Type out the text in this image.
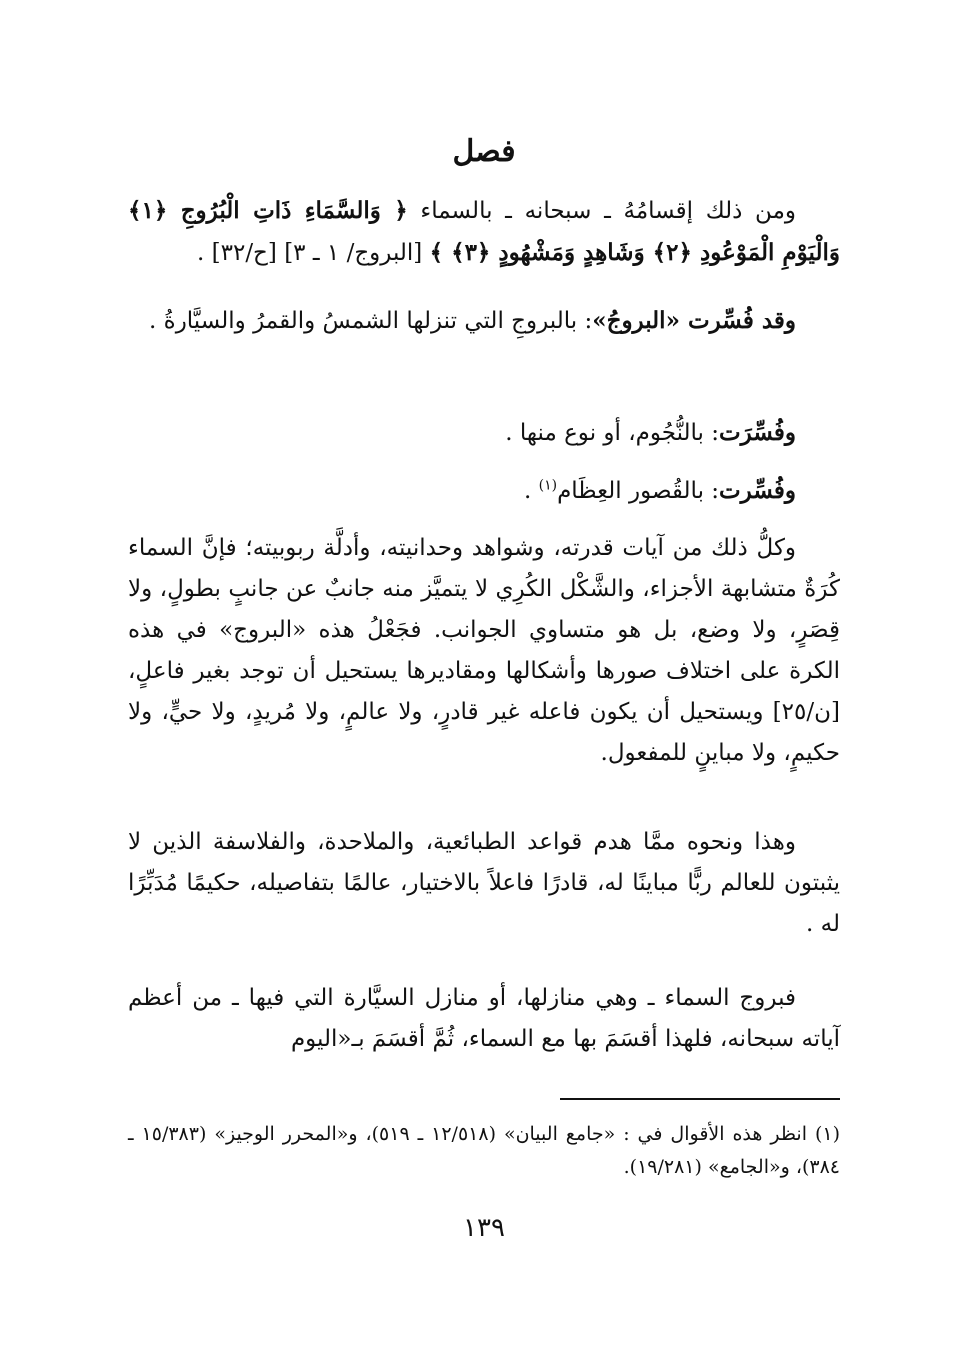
فصل
ومن ذلك إقسامُهُ ـ سبحانه ـ بالسماء ﴿ وَالسَّمَاءِ ذَاتِ الْبُرُوجِ ﴿١﴾ وَالْيَوْمِ الْمَوْعُودِ ﴿٢﴾ وَشَاهِدٍ وَمَشْهُودٍ ﴿٣﴾ ﴾ [البروج/ ١ ـ ٣] [ح/٣٢] .
وقد فُسِّرت «البروجُ»: بالبروجِ التي تنزلها الشمسُ والقمرُ والسيَّارةُ .
وفُسِّرَت: بالنُّجُوم، أو نوع منها .
وفُسِّرت: بالقُصور العِظَام$^{(١)}$ .
وكلُّ ذلك من آيات قدرته، وشواهد وحدانيته، وأدلَّة ربوبيته؛ فإنَّ السماء كُرَةٌ متشابهة الأجزاء، والشَّكْل الكُرِي لا يتميَّز منه جانبٌ عن جانبٍ بطولٍ، ولا قِصَرٍ، ولا وضع، بل هو متساوي الجوانب. فجَعْلُ هذه «البروج» في هذه الكرة على اختلاف صورها وأشكالها ومقاديرها يستحيل أن توجد بغير فاعلٍ، [ن/٢٥] ويستحيل أن يكون فاعله غير قادرٍ، ولا عالمٍ، ولا مُريدٍ، ولا حيٍّ، ولا حكيمٍ، ولا مباينٍ للمفعول.
وهذا ونحوه ممَّا هدم قواعد الطبائعية، والملاحدة، والفلاسفة الذين لا يثبتون للعالم ربًّا مباينًا له، قادرًا فاعلاً بالاختيار، عالمًا بتفاصيله، حكيمًا مُدَبِّرًا له .
فبروج السماء ـ وهي منازلها، أو منازل السيَّارة التي فيها ـ من أعظم آياته سبحانه، فلهذا أقسَمَ بها مع السماء، ثُمَّ أقسَمَ بـ«اليوم
(١) انظر هذه الأقوال في : «جامع البيان» (١٢/٥١٨ ـ ٥١٩)، و«المحرر الوجيز» (١٥/٣٨٣ ـ ٣٨٤)، و«الجامع» (١٩/٢٨١).
١٣٩
